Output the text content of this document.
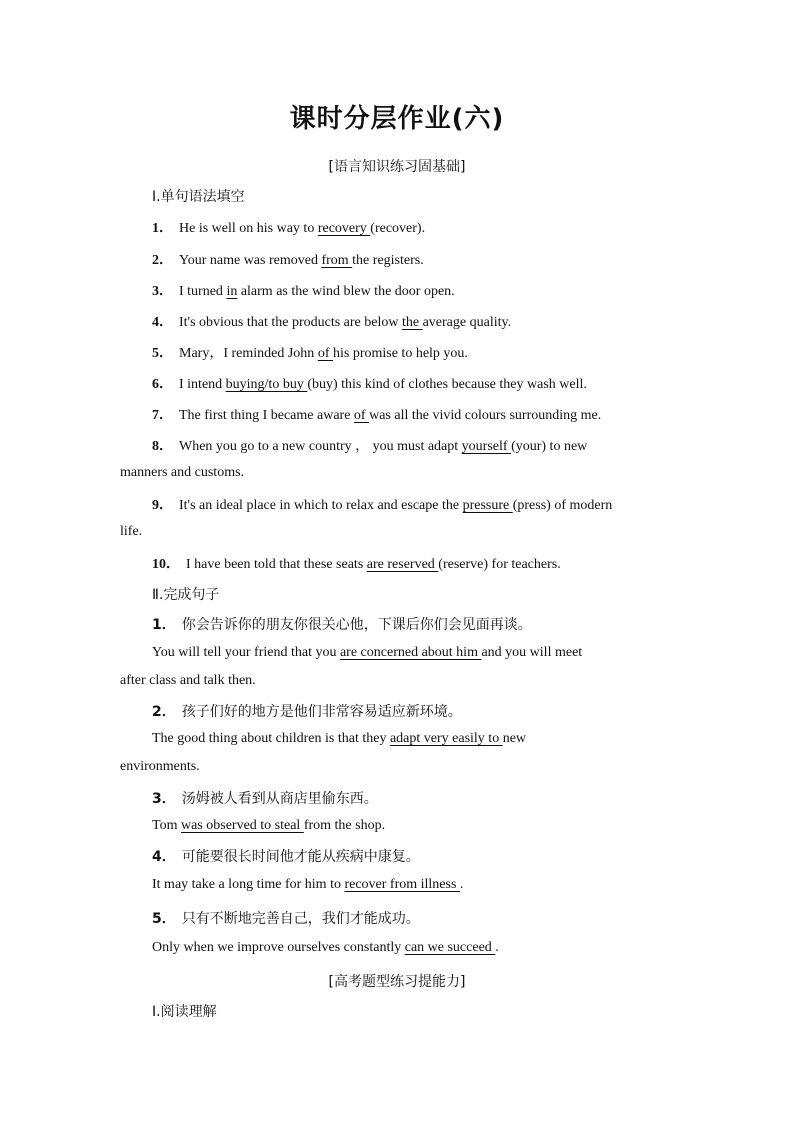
课时分层作业(六)
[语言知识练习固基础]
Ⅰ.单句语法填空
1． He is well on his way to recovery (recover).
2． Your name was removed from the registers.
3． I turned in alarm as the wind blew the door open.
4． It's obvious that the products are below the average quality.
5． Mary，I reminded John of his promise to help you.
6． I intend buying/to buy (buy) this kind of clothes because they wash well.
7． The first thing I became aware of was all the vivid colours surrounding me.
8． When you go to a new country ， you must adapt yourself (your) to new
manners and customs.
9． It's an ideal place in which to relax and escape the pressure (press) of modern
life.
10． I have been told that these seats are reserved (reserve) for teachers.
Ⅱ.完成句子
1． 你会告诉你的朋友你很关心他，下课后你们会见面再谈。
You will tell your friend that you are concerned about him and you will meet
after class and talk then.
2． 孩子们好的地方是他们非常容易适应新环境。
The good thing about children is that they adapt very easily to new
environments.
3． 汤姆被人看到从商店里偷东西。
Tom was observed to steal from the shop.
4． 可能要很长时间他才能从疾病中康复。
It may take a long time for him to recover from illness .
5． 只有不断地完善自己，我们才能成功。
Only when we improve ourselves constantly can we succeed .
[高考题型练习提能力]
Ⅰ.阅读理解
